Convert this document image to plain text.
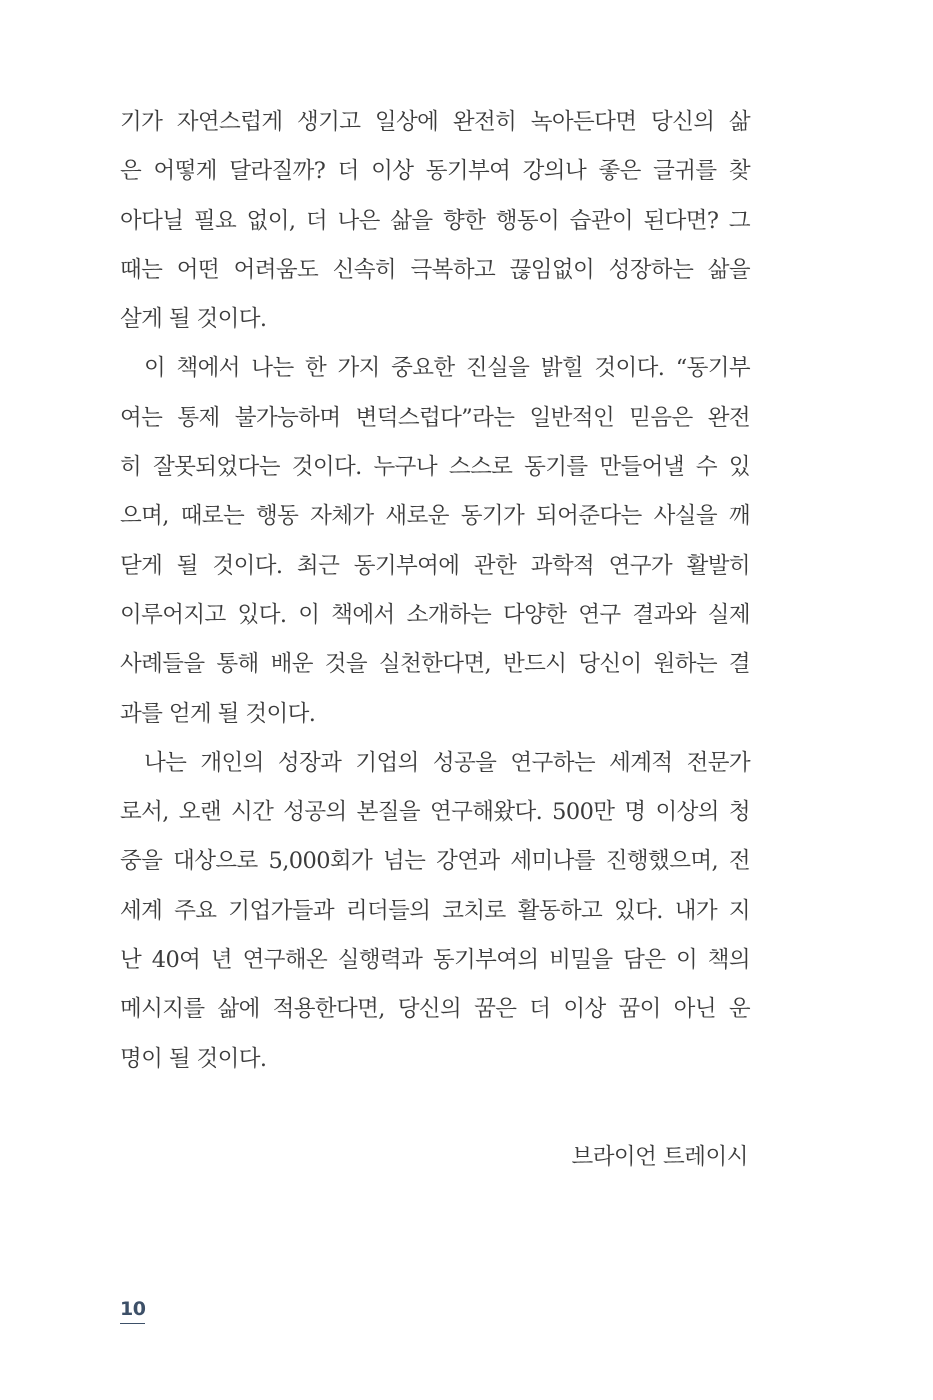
기가 자연스럽게 생기고 일상에 완전히 녹아든다면 당신의 삶
은 어떻게 달라질까? 더 이상 동기부여 강의나 좋은 글귀를 찾
아다닐 필요 없이, 더 나은 삶을 향한 행동이 습관이 된다면? 그
때는 어떤 어려움도 신속히 극복하고 끊임없이 성장하는 삶을
살게 될 것이다.
이 책에서 나는 한 가지 중요한 진실을 밝힐 것이다. “동기부
여는 통제 불가능하며 변덕스럽다”라는 일반적인 믿음은 완전
히 잘못되었다는 것이다. 누구나 스스로 동기를 만들어낼 수 있
으며, 때로는 행동 자체가 새로운 동기가 되어준다는 사실을 깨
닫게 될 것이다. 최근 동기부여에 관한 과학적 연구가 활발히
이루어지고 있다. 이 책에서 소개하는 다양한 연구 결과와 실제
사례들을 통해 배운 것을 실천한다면, 반드시 당신이 원하는 결
과를 얻게 될 것이다.
나는 개인의 성장과 기업의 성공을 연구하는 세계적 전문가
로서, 오랜 시간 성공의 본질을 연구해왔다. 500만 명 이상의 청
중을 대상으로 5,000회가 넘는 강연과 세미나를 진행했으며, 전
세계 주요 기업가들과 리더들의 코치로 활동하고 있다. 내가 지
난 40여 년 연구해온 실행력과 동기부여의 비밀을 담은 이 책의
메시지를 삶에 적용한다면, 당신의 꿈은 더 이상 꿈이 아닌 운
명이 될 것이다.
브라이언 트레이시
10
